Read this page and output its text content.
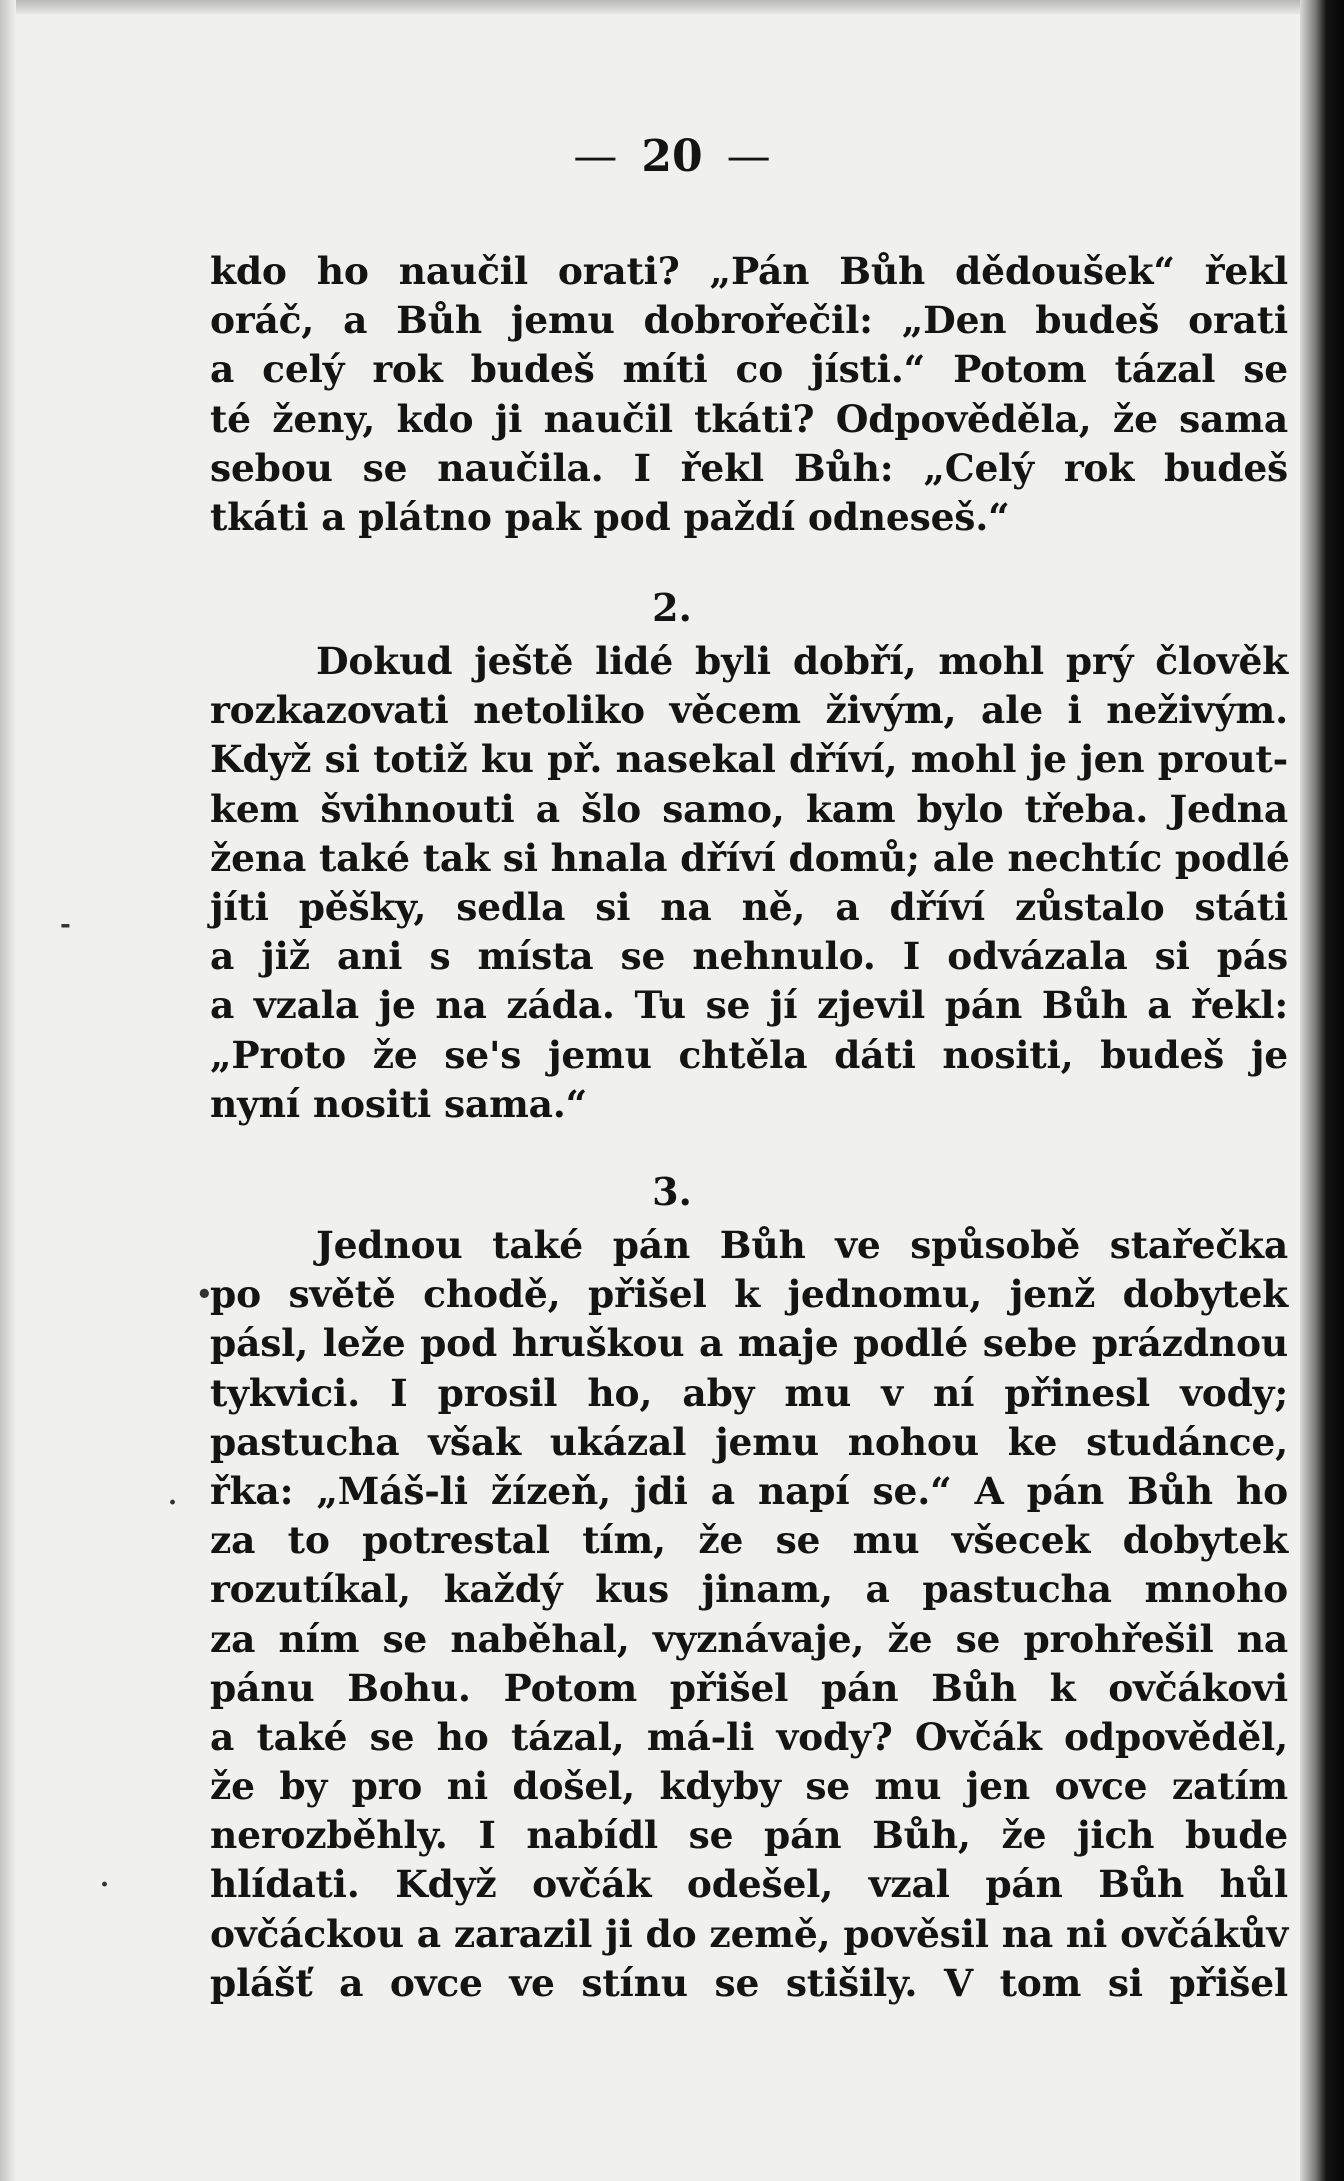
— 20 —
kdo ho naučil orati? „Pán Bůh dědoušek“ řekl
oráč, a Bůh jemu dobrořečil: „Den budeš orati
a celý rok budeš míti co jísti.“ Potom tázal se
té ženy, kdo ji naučil tkáti? Odpověděla, že sama
sebou se naučila. I řekl Bůh: „Celý rok budeš
tkáti a plátno pak pod paždí odneseš.“
2.
Dokud ještě lidé byli dobří, mohl prý člověk
rozkazovati netoliko věcem živým, ale i neživým.
Když si totiž ku př. nasekal dříví, mohl je jen prout-
kem švihnouti a šlo samo, kam bylo třeba. Jedna
žena také tak si hnala dříví domů; ale nechtíc podlé
jíti pěšky, sedla si na ně, a dříví zůstalo státi
a již ani s místa se nehnulo. I odvázala si pás
a vzala je na záda. Tu se jí zjevil pán Bůh a řekl:
„Proto že se's jemu chtěla dáti nositi, budeš je
nyní nositi sama.“
3.
Jednou také pán Bůh ve spůsobě stařečka
po světě chodě, přišel k jednomu, jenž dobytek
pásl, leže pod hruškou a maje podlé sebe prázdnou
tykvici. I prosil ho, aby mu v ní přinesl vody;
pastucha však ukázal jemu nohou ke studánce,
řka: „Máš-li žízeň, jdi a napí se.“ A pán Bůh ho
za to potrestal tím, že se mu všecek dobytek
rozutíkal, každý kus jinam, a pastucha mnoho
za ním se naběhal, vyznávaje, že se prohřešil na
pánu Bohu. Potom přišel pán Bůh k ovčákovi
a také se ho tázal, má-li vody? Ovčák odpověděl,
že by pro ni došel, kdyby se mu jen ovce zatím
nerozběhly. I nabídl se pán Bůh, že jich bude
hlídati. Když ovčák odešel, vzal pán Bůh hůl
ovčáckou a zarazil ji do země, pověsil na ni ovčákův
plášť a ovce ve stínu se stišily. V tom si přišel
•
·
-
·
